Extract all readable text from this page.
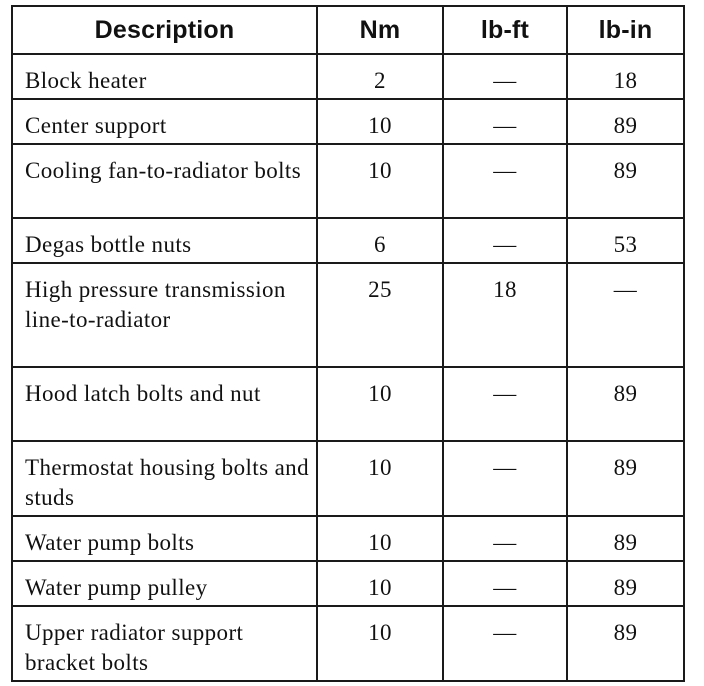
Description	Nm	lb-ft	lb-in
Block heater	2	—	18
Center support	10	—	89
Cooling fan-to-radiator bolts	10	—	89
Degas bottle nuts	6	—	53
High pressure transmission line-to-radiator	25	18	—
Hood latch bolts and nut	10	—	89
Thermostat housing bolts and studs	10	—	89
Water pump bolts	10	—	89
Water pump pulley	10	—	89
Upper radiator support bracket bolts	10	—	89
